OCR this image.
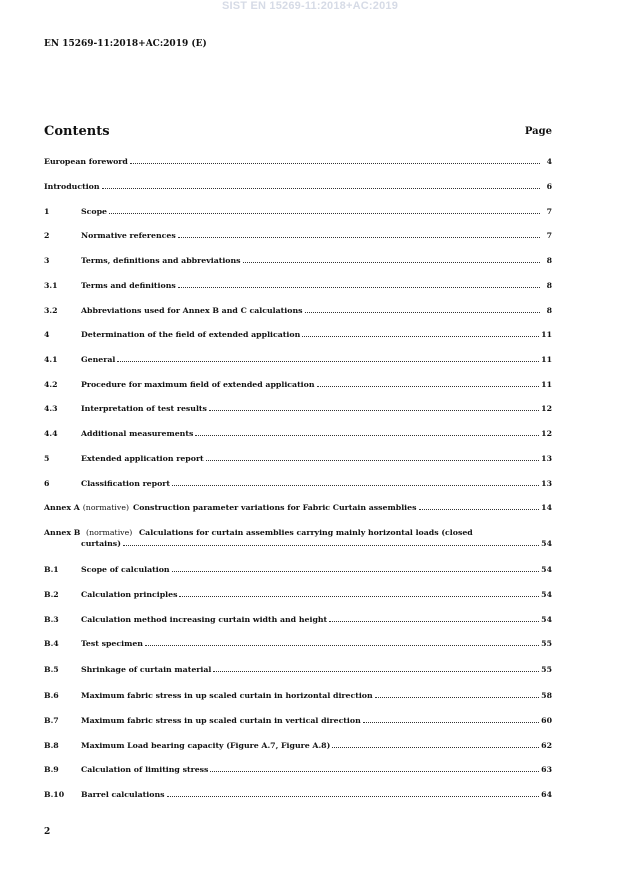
SIST EN 15269-11:2018+AC:2019
EN 15269-11:2018+AC:2019 (E)
Contents	Page
European foreword	4
Introduction	6
1	Scope	7
2	Normative references	7
3	Terms, definitions and abbreviations	8
3.1	Terms and definitions	8
3.2	Abbreviations used for Annex B and C calculations	8
4	Determination of the field of extended application	11
4.1	General	11
4.2	Procedure for maximum field of extended application	11
4.3	Interpretation of test results	12
4.4	Additional measurements	12
5	Extended application report	13
6	Classification report	13
Annex A (normative) Construction parameter variations for Fabric Curtain assemblies	14
Annex B (normative) Calculations for curtain assemblies carrying mainly horizontal loads (closed
curtains)	54
B.1	Scope of calculation	54
B.2	Calculation principles	54
B.3	Calculation method increasing curtain width and height	54
B.4	Test specimen	55
B.5	Shrinkage of curtain material	55
B.6	Maximum fabric stress in up scaled curtain in horizontal direction	58
B.7	Maximum fabric stress in up scaled curtain in vertical direction	60
B.8	Maximum Load bearing capacity (Figure A.7, Figure A.8)	62
B.9	Calculation of limiting stress	63
B.10	Barrel calculations	64
2
